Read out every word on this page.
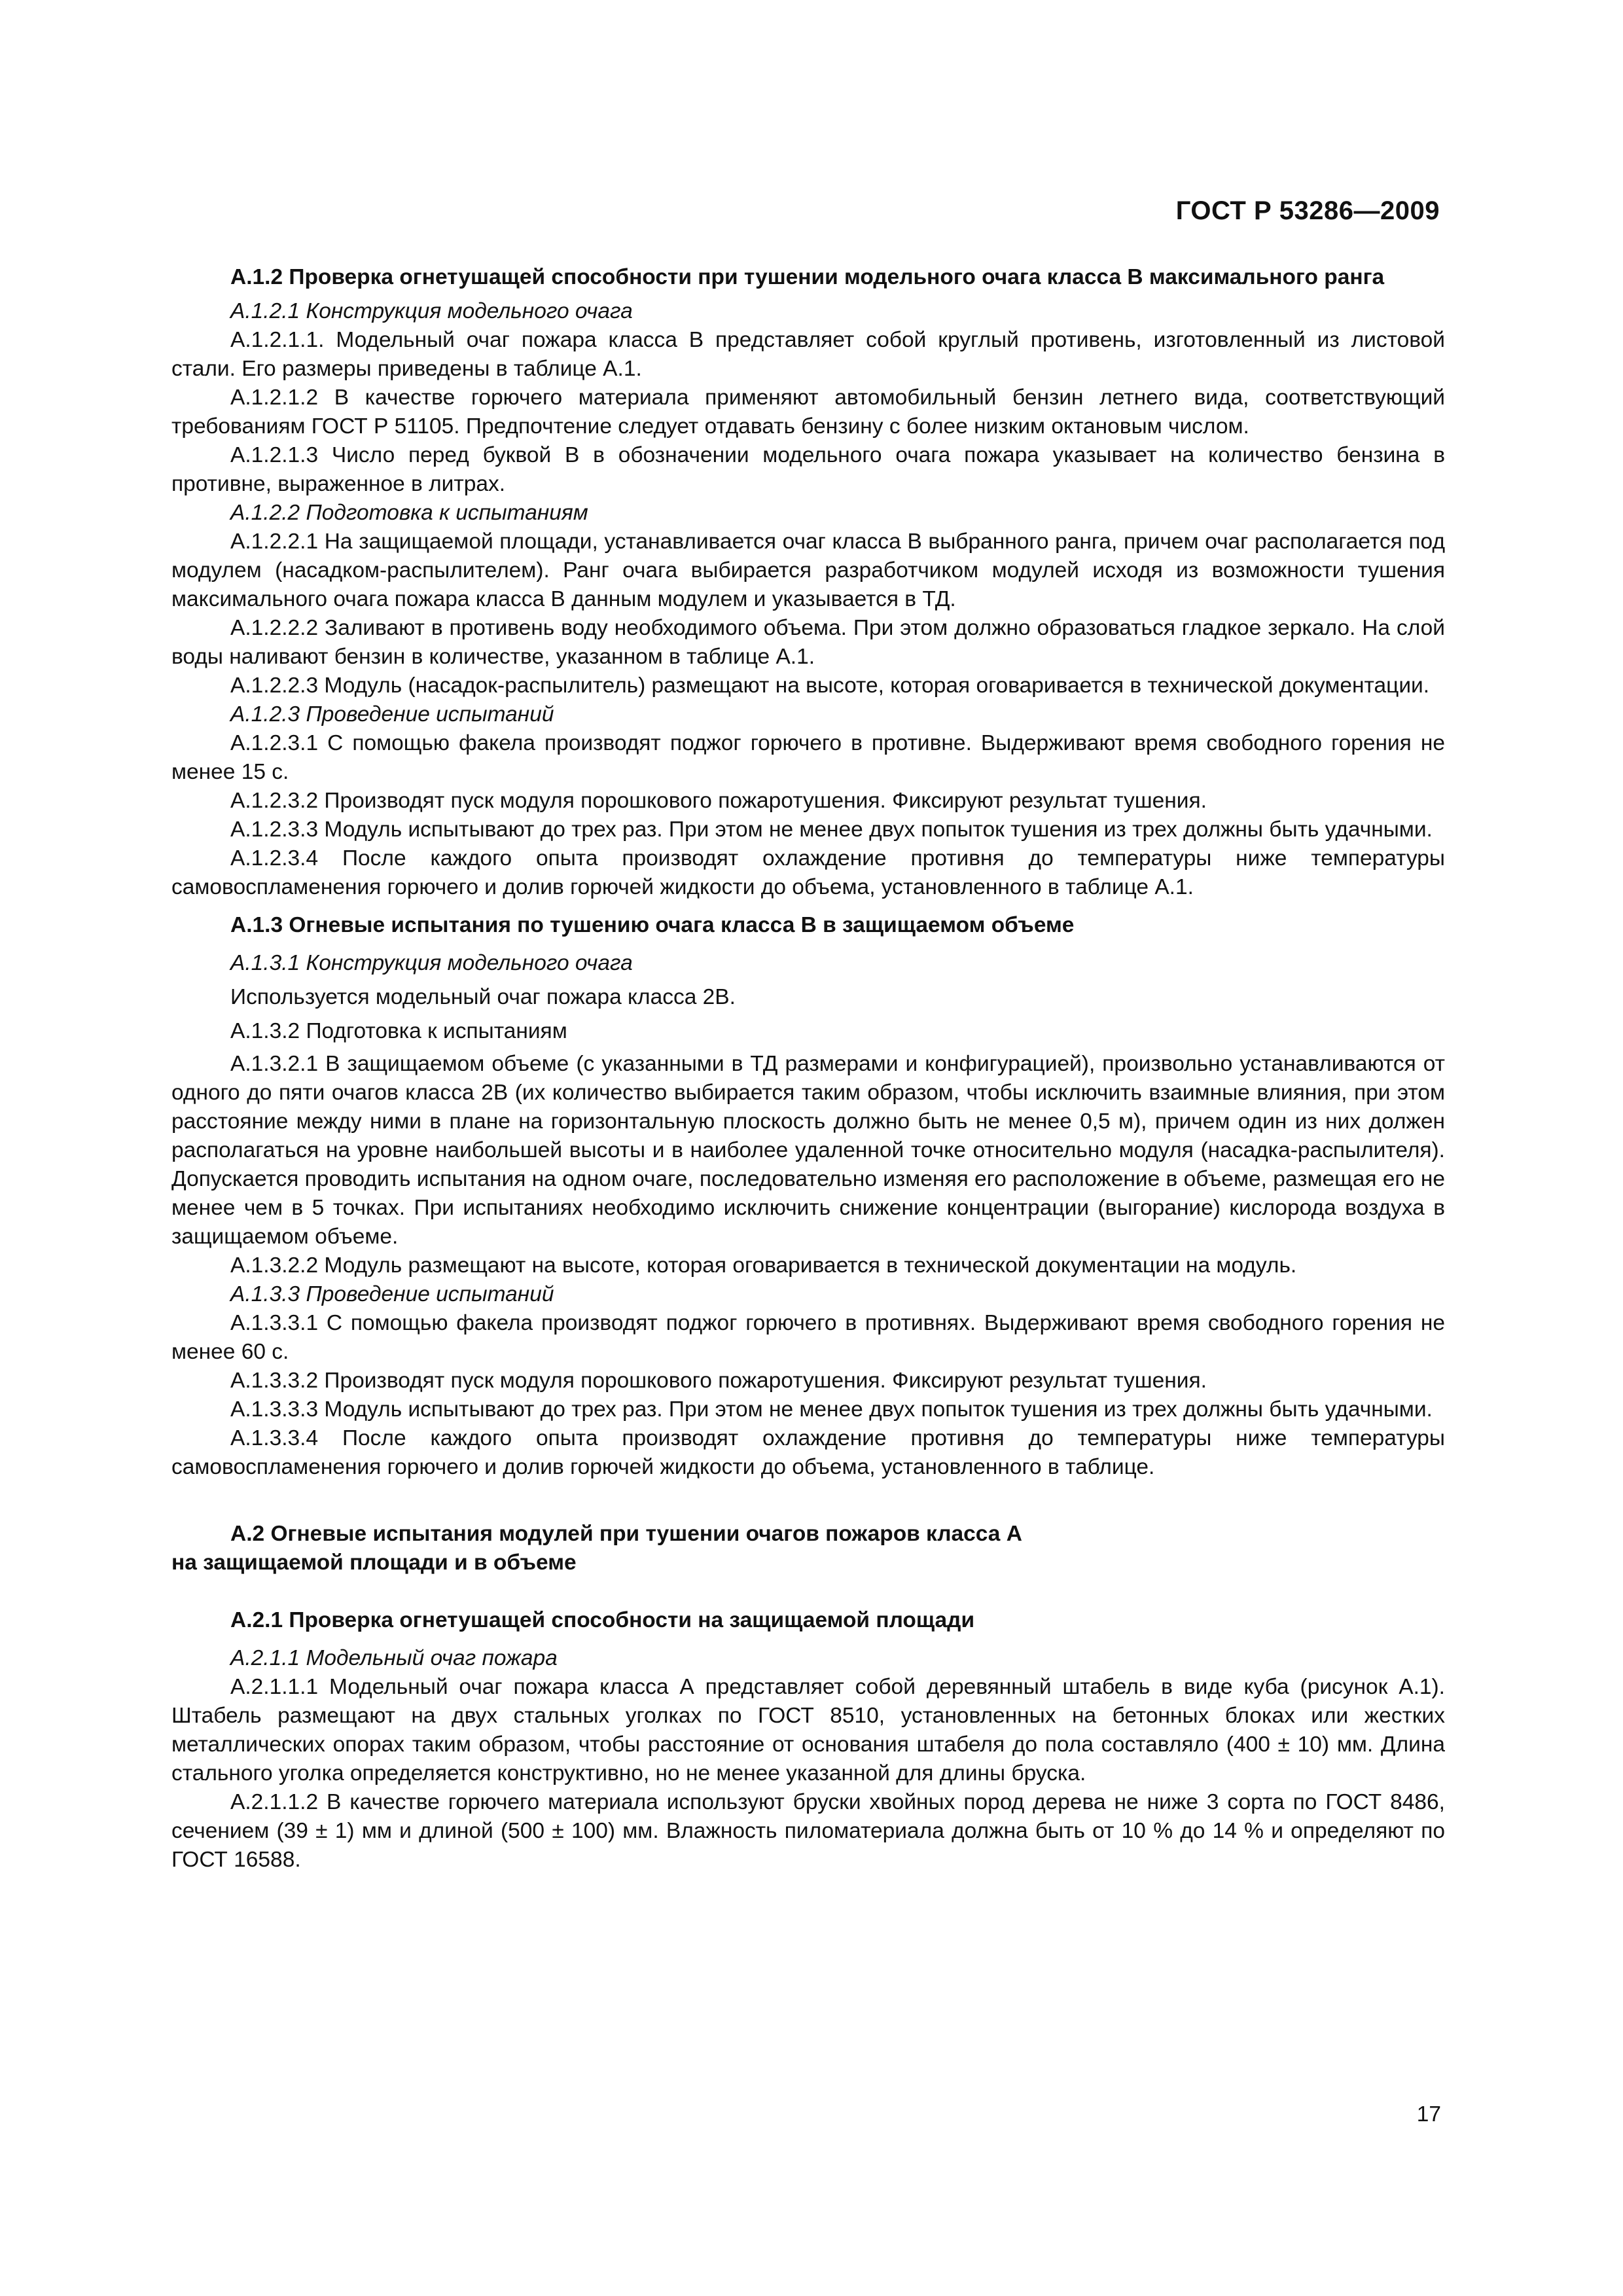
ГОСТ Р 53286—2009

А.1.2 Проверка огнетушащей способности при тушении модельного очага класса В максимального ранга

А.1.2.1 Конструкция модельного очага

А.1.2.1.1. Модельный очаг пожара класса В представляет собой круглый противень, изготовленный из листовой стали. Его размеры приведены в таблице А.1.

А.1.2.1.2 В качестве горючего материала применяют автомобильный бензин летнего вида, соответствующий требованиям ГОСТ Р 51105. Предпочтение следует отдавать бензину с более низким октановым числом.

А.1.2.1.3 Число перед буквой В в обозначении модельного очага пожара указывает на количество бензина в противне, выраженное в литрах.

А.1.2.2 Подготовка к испытаниям

А.1.2.2.1 На защищаемой площади, устанавливается очаг класса В выбранного ранга, причем очаг располагается под модулем (насадком-распылителем). Ранг очага выбирается разработчиком модулей исходя из возможности тушения максимального очага пожара класса В данным модулем и указывается в ТД.

А.1.2.2.2 Заливают в противень воду необходимого объема. При этом должно образоваться гладкое зеркало. На слой воды наливают бензин в количестве, указанном в таблице А.1.

А.1.2.2.3 Модуль (насадок-распылитель) размещают на высоте, которая оговаривается в технической документации.

А.1.2.3 Проведение испытаний

А.1.2.3.1 С помощью факела производят поджог горючего в противне. Выдерживают время свободного горения не менее 15 с.

А.1.2.3.2 Производят пуск модуля порошкового пожаротушения. Фиксируют результат тушения.

А.1.2.3.3 Модуль испытывают до трех раз. При этом не менее двух попыток тушения из трех должны быть удачными.

А.1.2.3.4 После каждого опыта производят охлаждение противня до температуры ниже температуры самовоспламенения горючего и долив горючей жидкости до объема, установленного в таблице А.1.

А.1.3 Огневые испытания по тушению очага класса В в защищаемом объеме

А.1.3.1 Конструкция модельного очага

Используется модельный очаг пожара класса 2В.

А.1.3.2 Подготовка к испытаниям

А.1.3.2.1 В защищаемом объеме (с указанными в ТД размерами и конфигурацией), произвольно устанавливаются от одного до пяти очагов класса 2В (их количество выбирается таким образом, чтобы исключить взаимные влияния, при этом расстояние между ними в плане на горизонтальную плоскость должно быть не менее 0,5 м), причем один из них должен располагаться на уровне наибольшей высоты и в наиболее удаленной точке относительно модуля (насадка-распылителя). Допускается проводить испытания на одном очаге, последовательно изменяя его расположение в объеме, размещая его не менее чем в 5 точках. При испытаниях необходимо исключить снижение концентрации (выгорание) кислорода воздуха в защищаемом объеме.

А.1.3.2.2 Модуль размещают на высоте, которая оговаривается в технической документации на модуль.

А.1.3.3 Проведение испытаний

А.1.3.3.1 С помощью факела производят поджог горючего в противнях. Выдерживают время свободного горения не менее 60 с.

А.1.3.3.2 Производят пуск модуля порошкового пожаротушения. Фиксируют результат тушения.

А.1.3.3.3 Модуль испытывают до трех раз. При этом не менее двух попыток тушения из трех должны быть удачными.

А.1.3.3.4 После каждого опыта производят охлаждение противня до температуры ниже температуры самовоспламенения горючего и долив горючей жидкости до объема, установленного в таблице.

А.2 Огневые испытания модулей при тушении очагов пожаров класса А
на защищаемой площади и в объеме

А.2.1 Проверка огнетушащей способности на защищаемой площади

А.2.1.1 Модельный очаг пожара

А.2.1.1.1 Модельный очаг пожара класса А представляет собой деревянный штабель в виде куба (рисунок А.1). Штабель размещают на двух стальных уголках по ГОСТ 8510, установленных на бетонных блоках или жестких металлических опорах таким образом, чтобы расстояние от основания штабеля до пола составляло (400 ± 10) мм. Длина стального уголка определяется конструктивно, но не менее указанной для длины бруска.

А.2.1.1.2 В качестве горючего материала используют бруски хвойных пород дерева не ниже 3 сорта по ГОСТ 8486, сечением (39 ± 1) мм и длиной (500 ± 100) мм. Влажность пиломатериала должна быть от 10 % до 14 % и определяют по ГОСТ 16588.

17
